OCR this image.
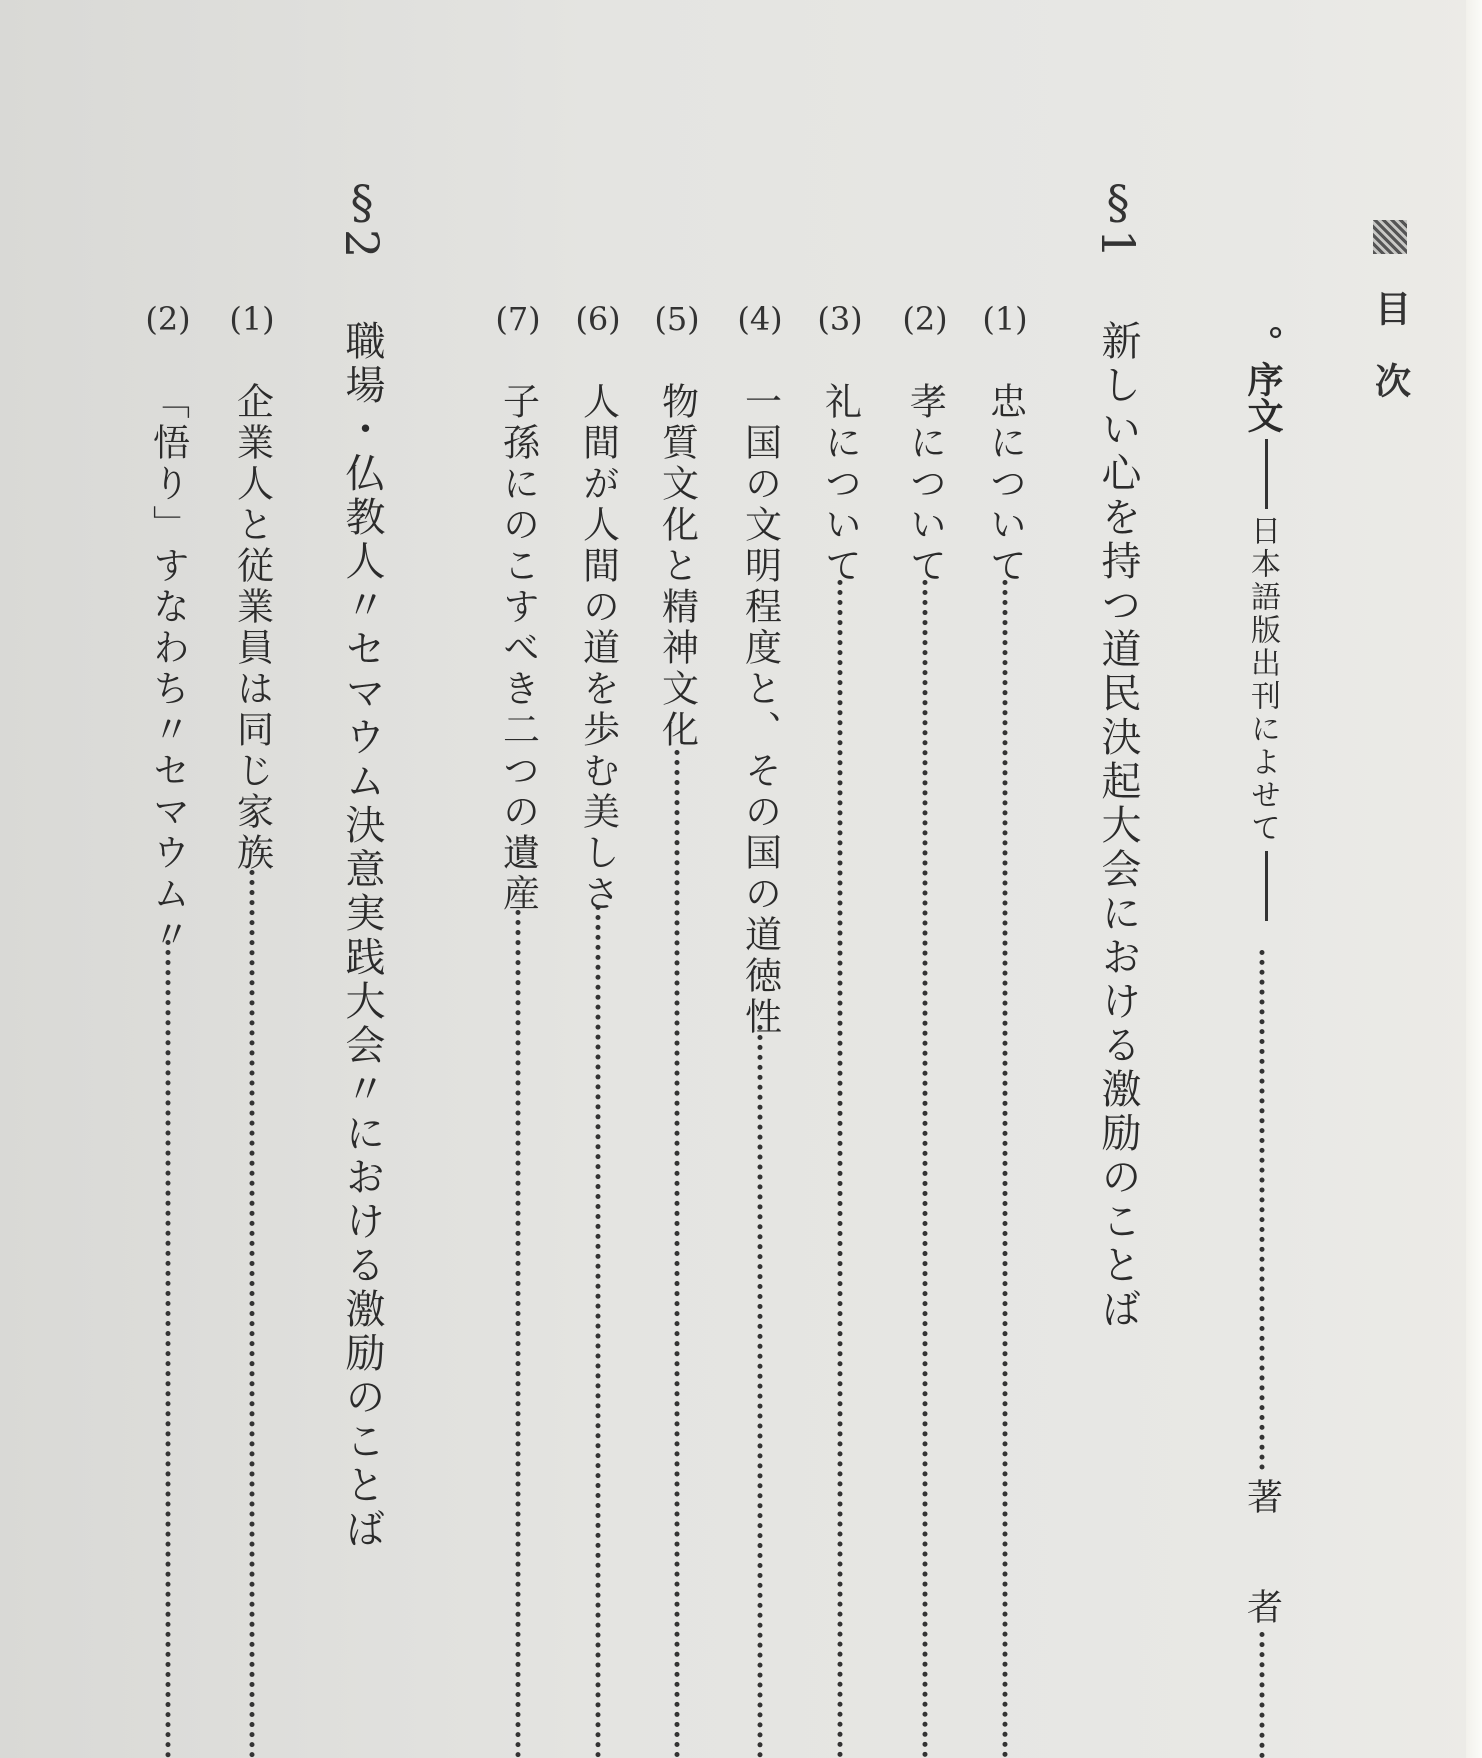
目　次
。序文日本語版出刊によせて
著
者
§1
新しい心を持つ道民決起大会における激励のことば
(1)
忠について
(2)
孝について
(3)
礼について
(4)
一国の文明程度と、その国の道徳性
(5)
物質文化と精神文化
(6)
人間が人間の道を歩む美しさ
(7)
子孫にのこすべき二つの遺産
§2
職場・仏教人〃セマウム決意実践大会〃における激励のことば
(1)
企業人と従業員は同じ家族
(2)
「悟り」すなわち〃セマウム〃
